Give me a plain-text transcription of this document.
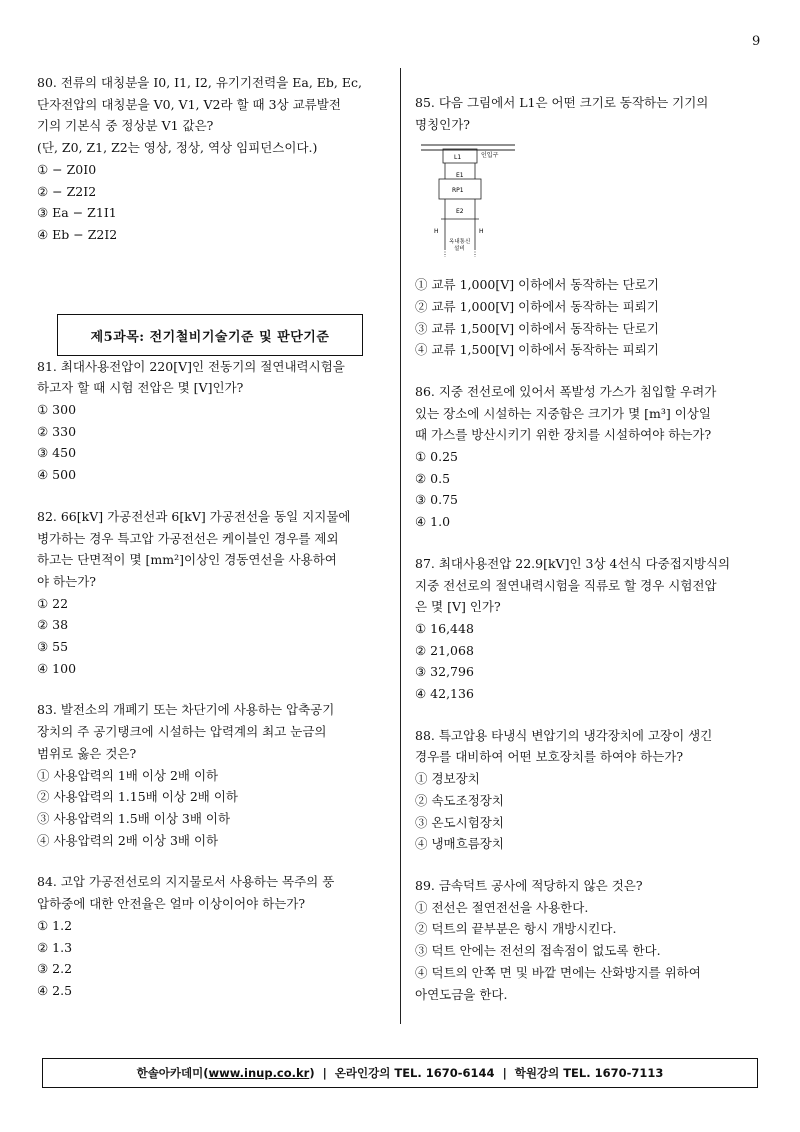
9

80. 전류의 대칭분을 I0, I1, I2, 유기기전력을 Ea, Eb, Ec,

단자전압의 대칭분을 V0, V1, V2라 할 때 3상 교류발전

기의 기본식 중 정상분 V1 값은?

(단, Z0, Z1, Z2는 영상, 정상, 역상 임피던스이다.)

① − Z0I0
② − Z2I2
③ Ea − Z1I1
④ Eb − Z2I2

81. 최대사용전압이 220[V]인 전동기의 절연내력시험을

하고자 할 때 시험 전압은 몇 [V]인가?

① 300
② 330
③ 450
④ 500

82. 66[kV] 가공전선과 6[kV] 가공전선을 동일 지지물에

병가하는 경우 특고압 가공전선은 케이블인 경우를 제외

하고는 단면적이 몇 [mm²]이상인 경동연선을 사용하여

야 하는가?

① 22
② 38
③ 55
④ 100

83. 발전소의 개폐기 또는 차단기에 사용하는 압축공기

장치의 주 공기탱크에 시설하는 압력계의 최고 눈금의

범위로 옳은 것은?

① 사용압력의 1배 이상 2배 이하
② 사용압력의 1.15배 이상 2배 이하
③ 사용압력의 1.5배 이상 3배 이하
④ 사용압력의 2배 이상 3배 이하

84. 고압 가공전선로의 지지물로서 사용하는 목주의 풍

압하중에 대한 안전율은 얼마 이상이어야 하는가?

① 1.2
② 1.3
③ 2.2
④ 2.5
제5과목: 전기철비기술기준 및 판단기준

85. 다음 그림에서 L1은 어떤 크기로 동작하는 기기의

명칭인가?

L1	인입구
E1
RP1
E2
H	H
옥내통신
설비
① 교류 1,000[V] 이하에서 동작하는 단로기
② 교류 1,000[V] 이하에서 동작하는 피뢰기
③ 교류 1,500[V] 이하에서 동작하는 단로기
④ 교류 1,500[V] 이하에서 동작하는 피뢰기

86. 지중 전선로에 있어서 폭발성 가스가 침입할 우려가

있는 장소에 시설하는 지중함은 크기가 몇 [m³] 이상일

때 가스를 방산시키기 위한 장치를 시설하여야 하는가?

① 0.25
② 0.5
③ 0.75
④ 1.0

87. 최대사용전압 22.9[kV]인 3상 4선식 다중접지방식의

지중 전선로의 절연내력시험을 직류로 할 경우 시험전압

은 몇 [V] 인가?

① 16,448
② 21,068
③ 32,796
④ 42,136

88. 특고압용 타냉식 변압기의 냉각장치에 고장이 생긴

경우를 대비하여 어떤 보호장치를 하여야 하는가?

① 경보장치
② 속도조정장치
③ 온도시험장치
④ 냉매흐름장치

89. 금속덕트 공사에 적당하지 않은 것은?

① 전선은 절연전선을 사용한다.
② 덕트의 끝부분은 항시 개방시킨다.
③ 덕트 안에는 전선의 접속점이 없도록 한다.
④ 덕트의 안쪽 면 및 바깥 면에는 산화방지를 위하여
아연도금을 한다.
한솔아카데미( www.inup.co.kr ) | 온라인강의 TEL. 1670-6144 | 학원강의 TEL. 1670-7113
